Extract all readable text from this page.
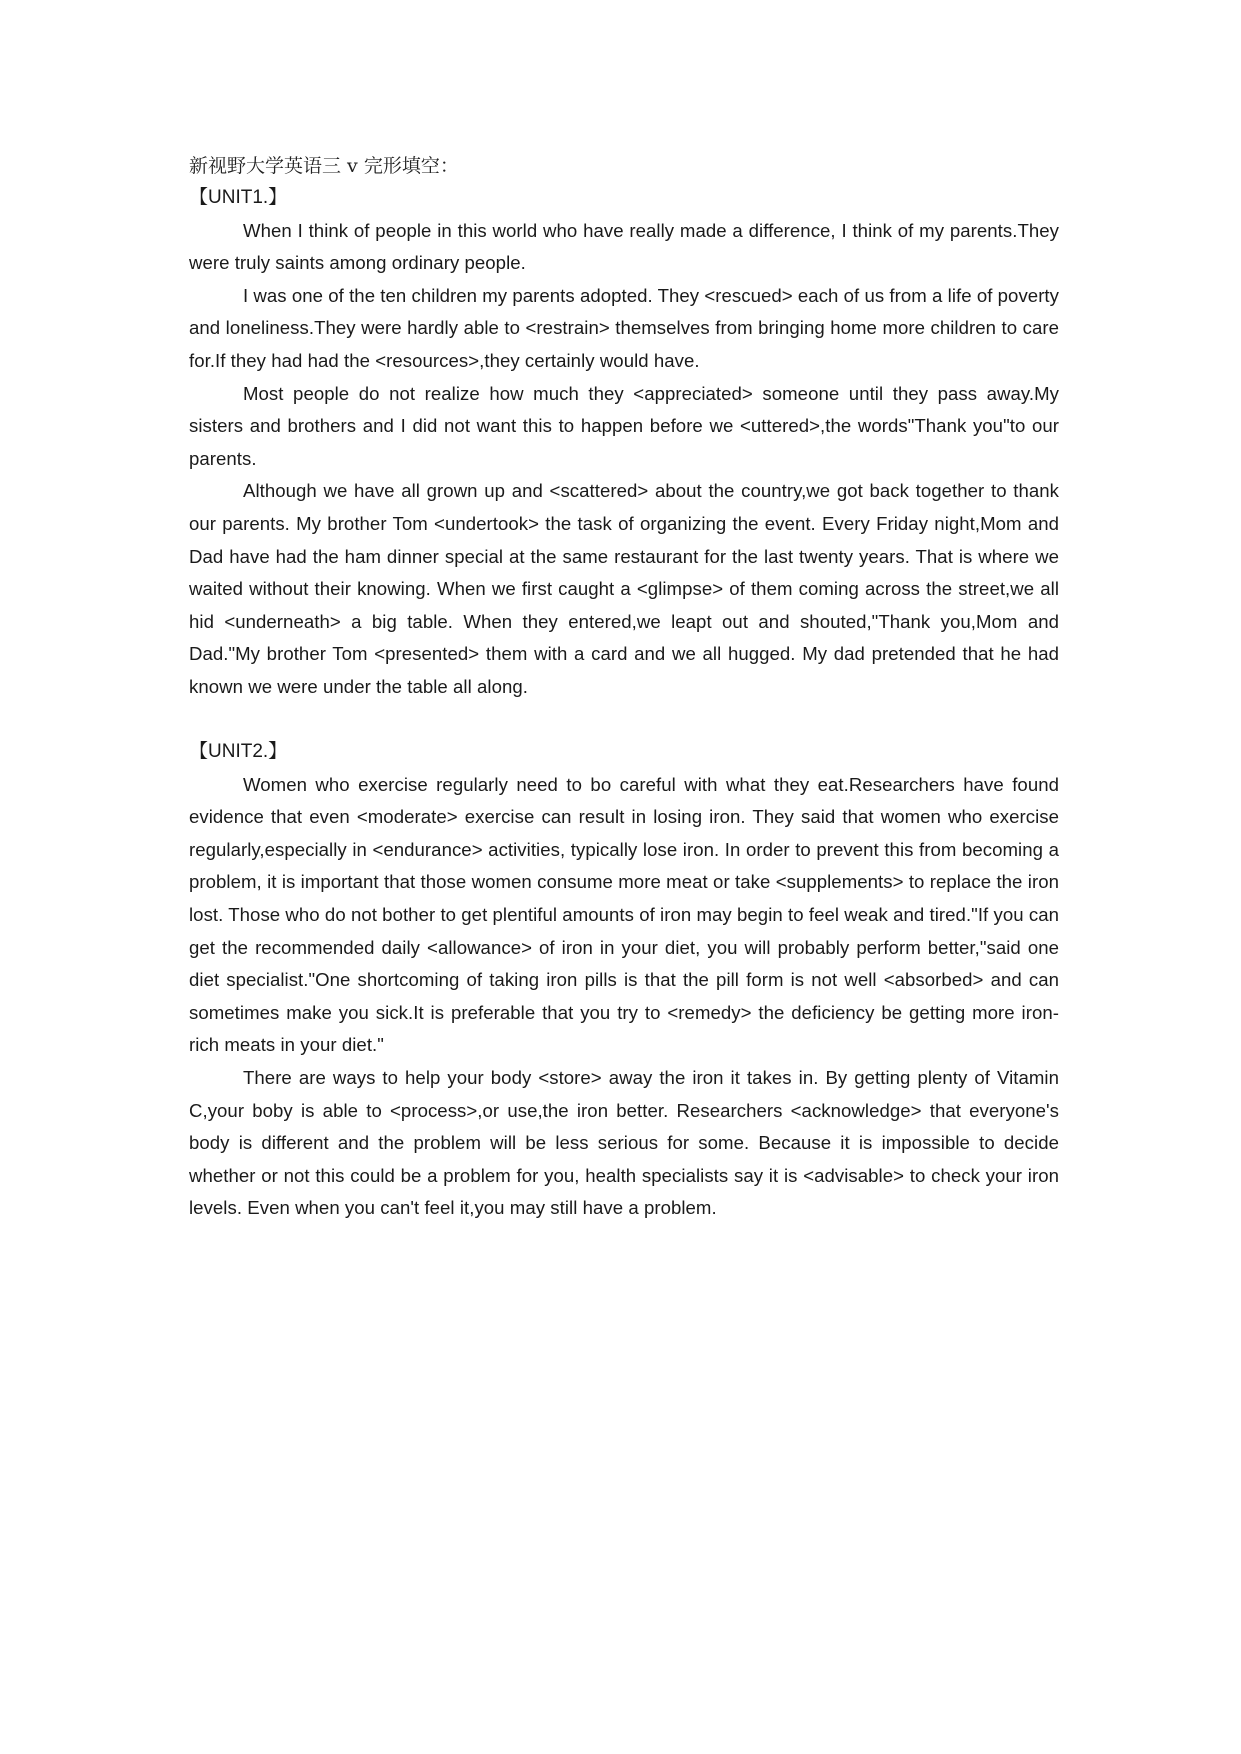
新视野大学英语三 v 完形填空：
【UNIT1.】

When I think of people in this world who have really made a difference, I think of my parents.They were truly saints among ordinary people.

I was one of the ten children my parents adopted. They <rescued> each of us from a life of poverty and loneliness.They were hardly able to <restrain> themselves from bringing home more children to care for.If they had had the <resources>,they certainly would have.

Most people do not realize how much they <appreciated> someone until they pass away.My sisters and brothers and I did not want this to happen before we <uttered>,the words"Thank you"to our parents.

Although we have all grown up and <scattered> about the country,we got back together to thank our parents. My brother Tom <undertook> the task of organizing the event. Every Friday night,Mom and Dad have had the ham dinner special at the same restaurant for the last twenty years. That is where we waited without their knowing. When we first caught a <glimpse> of them coming across the street,we all hid <underneath> a big table. When they entered,we leapt out and shouted,"Thank you,Mom and Dad."My brother Tom <presented> them with a card and we all hugged. My dad pretended that he had known we were under the table all along.

【UNIT2.】

Women who exercise regularly need to bo careful with what they eat.Researchers have found evidence that even <moderate> exercise can result in losing iron. They said that women who exercise regularly,especially in <endurance> activities, typically lose iron. In order to prevent this from becoming a problem, it is important that those women consume more meat or take <supplements> to replace the iron lost. Those who do not bother to get plentiful amounts of iron may begin to feel weak and tired."If you can get the recommended daily <allowance> of iron in your diet, you will probably perform better,"said one diet specialist."One shortcoming of taking iron pills is that the pill form is not well <absorbed> and can sometimes make you sick.It is preferable that you try to <remedy> the deficiency be getting more iron-rich meats in your diet."

There are ways to help your body <store> away the iron it takes in. By getting plenty of Vitamin C,your boby is able to <process>,or use,the iron better. Researchers <acknowledge> that everyone's body is different and the problem will be less serious for some. Because it is impossible to decide whether or not this could be a problem for you, health specialists say it is <advisable> to check your iron levels. Even when you can't feel it,you may still have a problem.
